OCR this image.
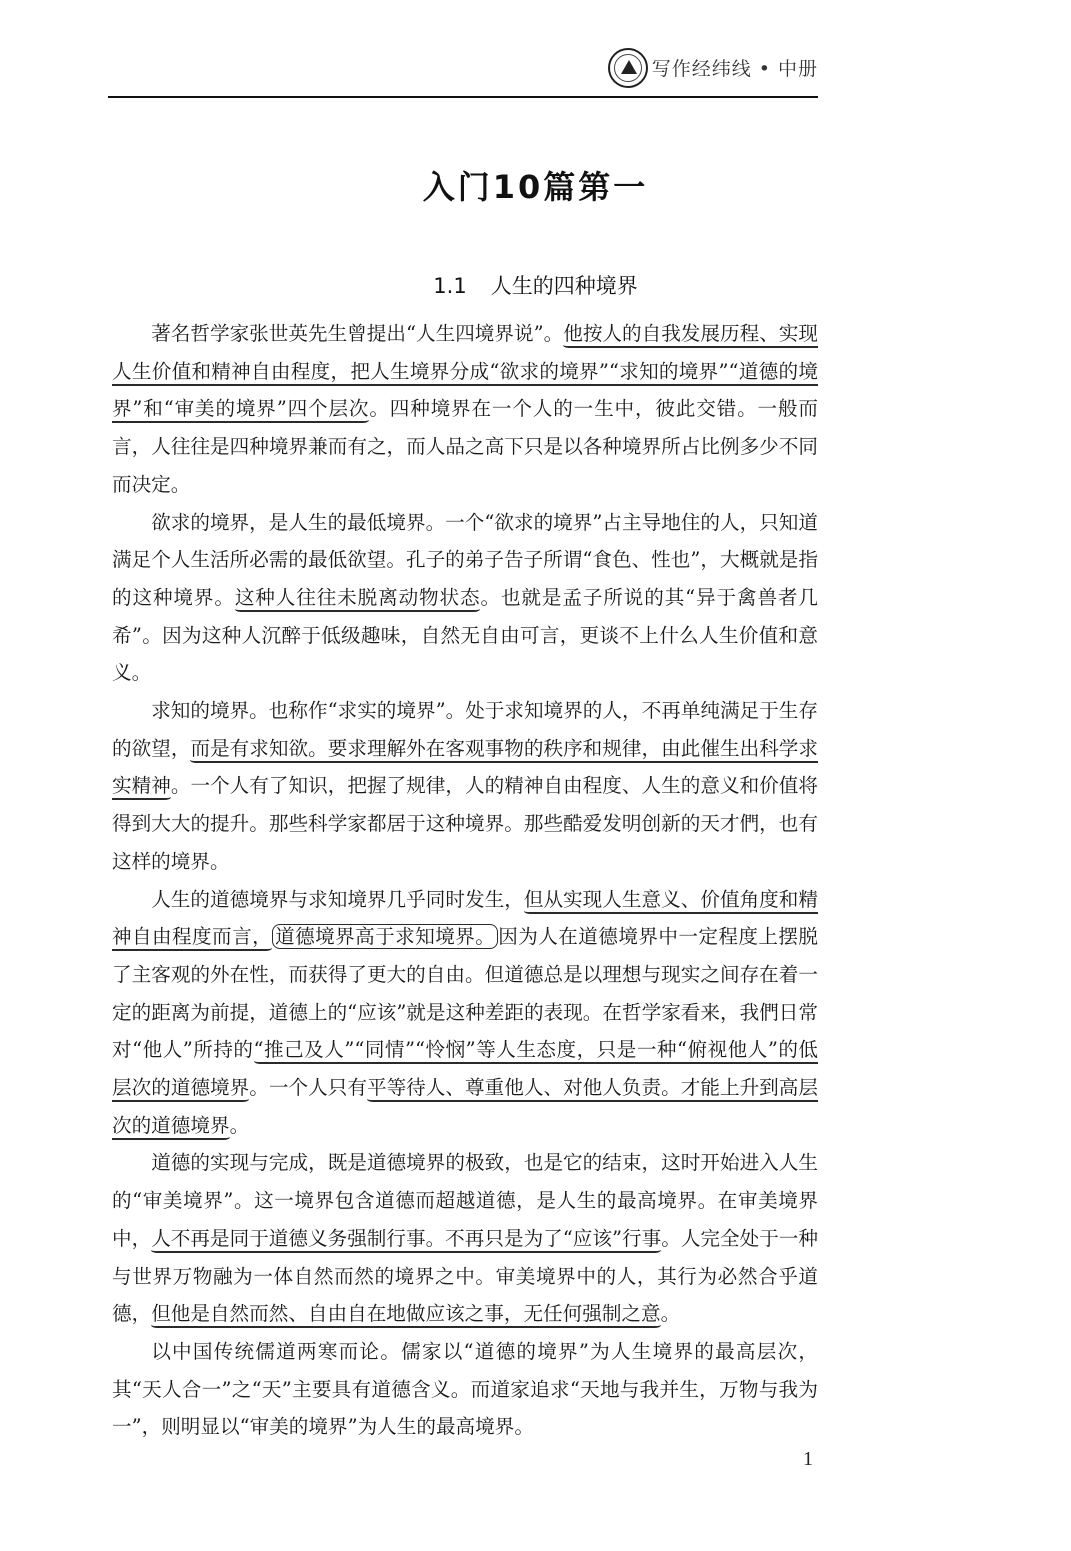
写作经纬线 • 中册
入门10篇第一
1.1 人生的四种境界

著名哲学家张世英先生曾提出“人生四境界说”。他按人的自我发展历程、实现人生价值和精神自由程度，把人生境界分成“欲求的境界”“求知的境界”“道德的境界”和“审美的境界”四个层次。四种境界在一个人的一生中，彼此交错。一般而言，人往往是四种境界兼而有之，而人品之高下只是以各种境界所占比例多少不同而决定。

欲求的境界，是人生的最低境界。一个“欲求的境界”占主导地住的人，只知道满足个人生活所必需的最低欲望。孔子的弟子告子所谓“食色、性也”，大概就是指的这种境界。这种人往往未脱离动物状态。也就是孟子所说的其“异于禽兽者几希”。因为这种人沉醉于低级趣味，自然无自由可言，更谈不上什么人生价值和意义。

求知的境界。也称作“求实的境界”。处于求知境界的人，不再单纯满足于生存的欲望，而是有求知欲。要求理解外在客观事物的秩序和规律，由此催生出科学求实精神。一个人有了知识，把握了规律，人的精神自由程度、人生的意义和价值将得到大大的提升。那些科学家都居于这种境界。那些酷爱发明创新的天才們，也有这样的境界。

人生的道德境界与求知境界几乎同时发生，但从实现人生意义、价值角度和精神自由程度而言， 道德境界高于求知境界。 因为人在道德境界中一定程度上摆脱了主客观的外在性，而获得了更大的自由。但道德总是以理想与现实之间存在着一定的距离为前提，道德上的“应该”就是这种差距的表现。在哲学家看来，我們日常对“他人”所持的“推己及人”“同情”“怜悯”等人生态度，只是一种“俯视他人”的低层次的道德境界。一个人只有平等待人、尊重他人、对他人负责。才能上升到高层次的道德境界。

道德的实现与完成，既是道德境界的极致，也是它的结束，这时开始进入人生的“审美境界”。这一境界包含道德而超越道德，是人生的最高境界。在审美境界中，人不再是同于道德义务强制行事。不再只是为了“应该”行事。人完全处于一种与世界万物融为一体自然而然的境界之中。审美境界中的人，其行为必然合乎道德，但他是自然而然、自由自在地做应该之事，无任何强制之意。

以中国传统儒道两寒而论。儒家以“道德的境界”为人生境界的最高层次，其“天人合一”之“天”主要具有道德含义。而道家追求“天地与我并生，万物与我为一”，则明显以“审美的境界”为人生的最高境界。

1
